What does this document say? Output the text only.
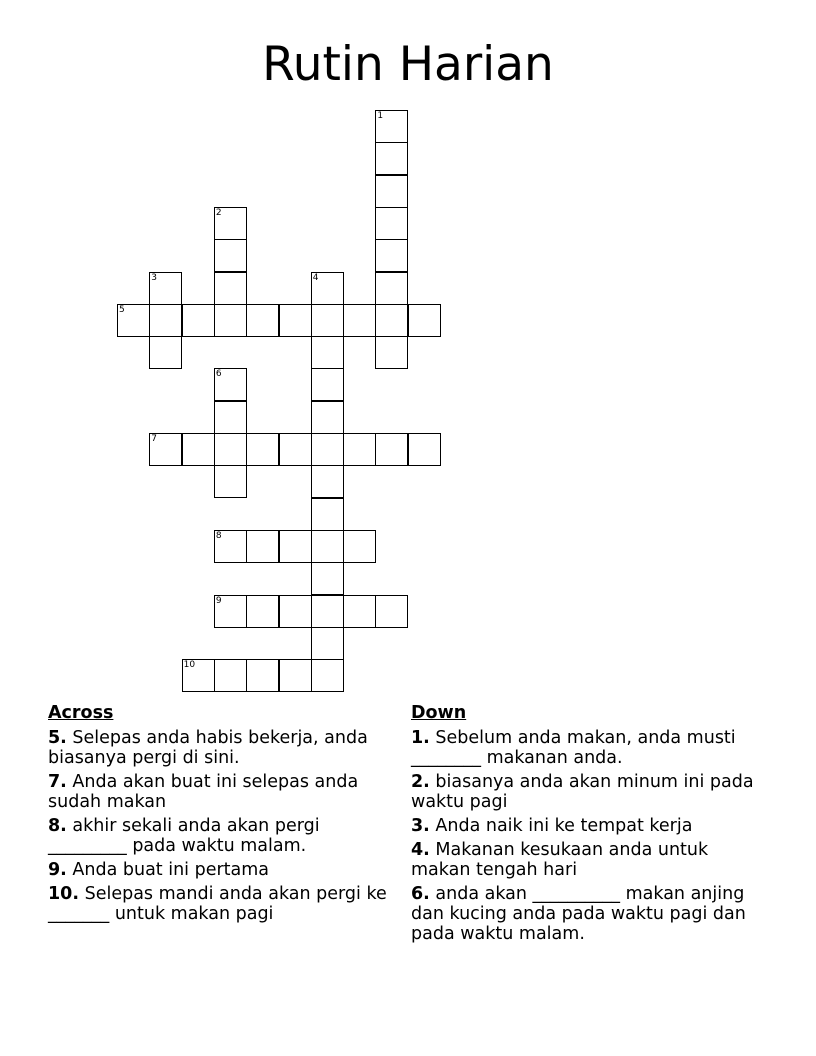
Rutin Harian
1
2
3
5
4
6
7
8
9
10
Across
5. Selepas anda habis bekerja, anda biasanya pergi di sini.
7. Anda akan buat ini selepas anda sudah makan
8. akhir sekali anda akan pergi _________ pada waktu malam.
9. Anda buat ini pertama
10. Selepas mandi anda akan pergi ke _______ untuk makan pagi
Down
1. Sebelum anda makan, anda musti ________ makanan anda.
2. biasanya anda akan minum ini pada waktu pagi
3. Anda naik ini ke tempat kerja
4. Makanan kesukaan anda untuk makan tengah hari
6. anda akan __________ makan anjing dan kucing anda pada waktu pagi dan pada waktu malam.
